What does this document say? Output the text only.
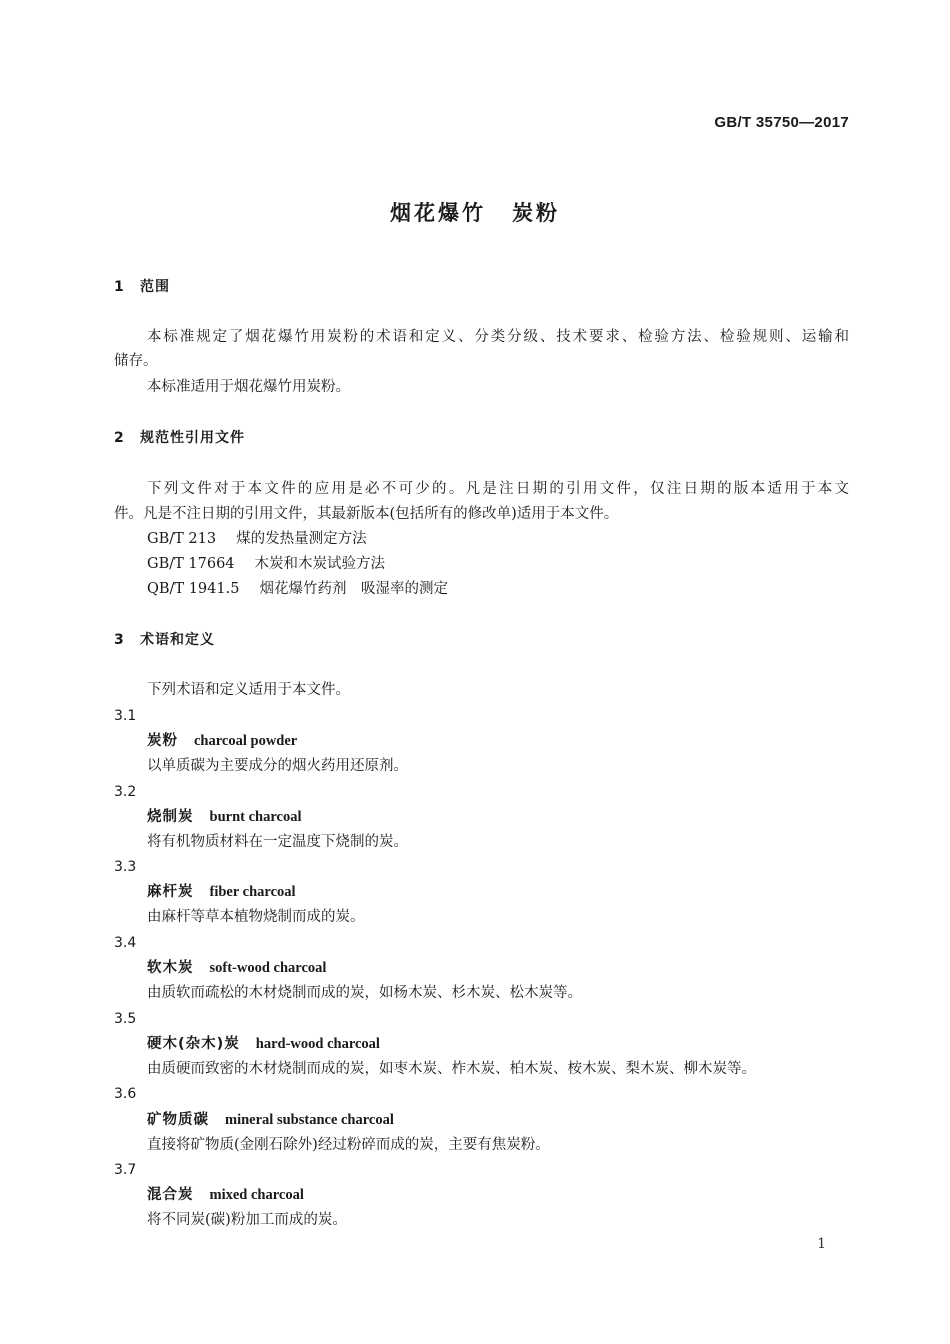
GB/T 35750—2017
烟花爆竹 炭粉
1 范围
本标准规定了烟花爆竹用炭粉的术语和定义、分类分级、技术要求、检验方法、检验规则、运输和
储存。
本标准适用于烟花爆竹用炭粉。
2 规范性引用文件
下列文件对于本文件的应用是必不可少的。凡是注日期的引用文件，仅注日期的版本适用于本文
件。凡是不注日期的引用文件，其最新版本(包括所有的修改单)适用于本文件。
GB/T 213 煤的发热量测定方法
GB/T 17664 木炭和木炭试验方法
QB/T 1941.5 烟花爆竹药剂　吸湿率的测定
3 术语和定义
下列术语和定义适用于本文件。
3.1
炭粉 charcoal powder
以单质碳为主要成分的烟火药用还原剂。
3.2
烧制炭 burnt charcoal
将有机物质材料在一定温度下烧制的炭。
3.3
麻杆炭 fiber charcoal
由麻杆等草本植物烧制而成的炭。
3.4
软木炭 soft-wood charcoal
由质软而疏松的木材烧制而成的炭，如杨木炭、杉木炭、松木炭等。
3.5
硬木(杂木)炭 hard-wood charcoal
由质硬而致密的木材烧制而成的炭，如枣木炭、柞木炭、柏木炭、桉木炭、梨木炭、柳木炭等。
3.6
矿物质碳 mineral substance charcoal
直接将矿物质(金刚石除外)经过粉碎而成的炭，主要有焦炭粉。
3.7
混合炭 mixed charcoal
将不同炭(碳)粉加工而成的炭。
1
